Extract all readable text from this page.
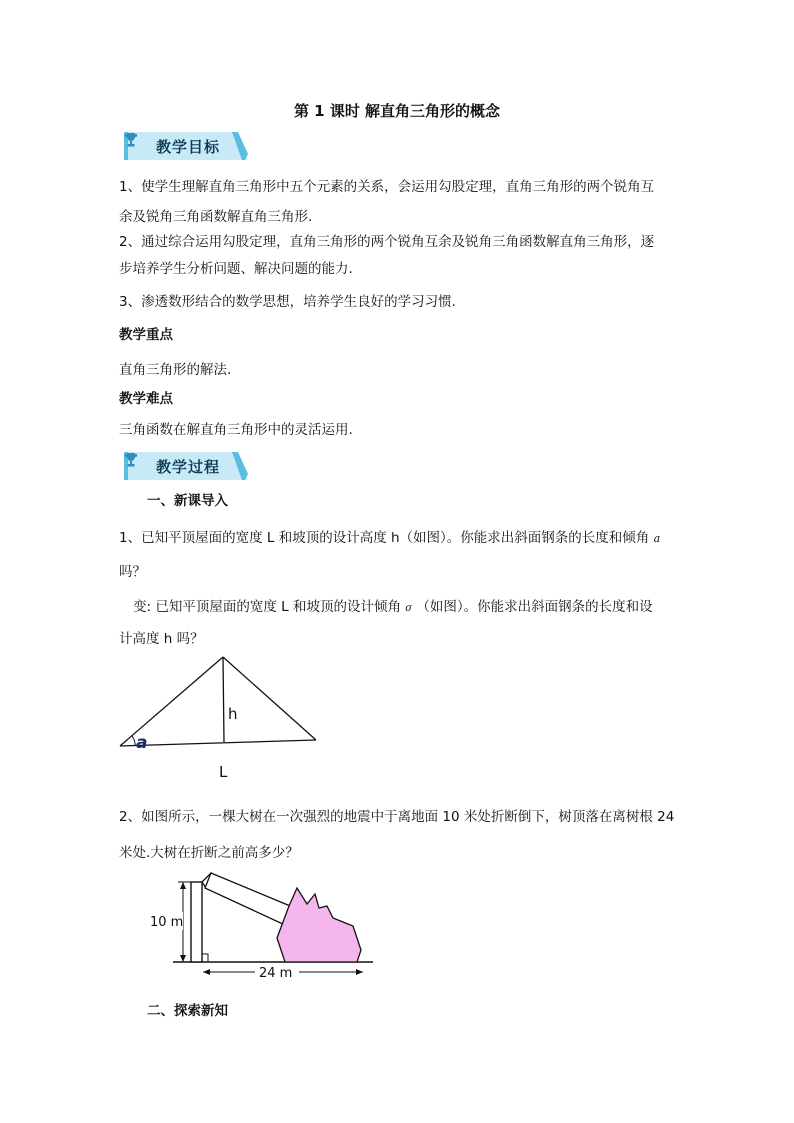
第 1 课时 解直角三角形的概念
教学目标
1、使学生理解直角三角形中五个元素的关系，会运用勾股定理，直角三角形的两个锐角互
余及锐角三角函数解直角三角形.
2、通过综合运用勾股定理，直角三角形的两个锐角互余及锐角三角函数解直角三角形，逐
步培养学生分析问题、解决问题的能力.
3、渗透数形结合的数学思想，培养学生良好的学习习惯.
教学重点
直角三角形的解法.
教学难点
三角函数在解直角三角形中的灵活运用.
教学过程
一、新课导入
1、已知平顶屋面的宽度 L 和坡顶的设计高度 h（如图）。你能求出斜面钢条的长度和倾角 a
吗？
变: 已知平顶屋面的宽度 L 和坡顶的设计倾角 σ （如图）。你能求出斜面钢条的长度和设
计高度 h 吗？
h
a
L
2、如图所示，一棵大树在一次强烈的地震中于离地面 10 米处折断倒下，树顶落在离树根 24
米处.大树在折断之前高多少？
10 m
24 m
二、探索新知
